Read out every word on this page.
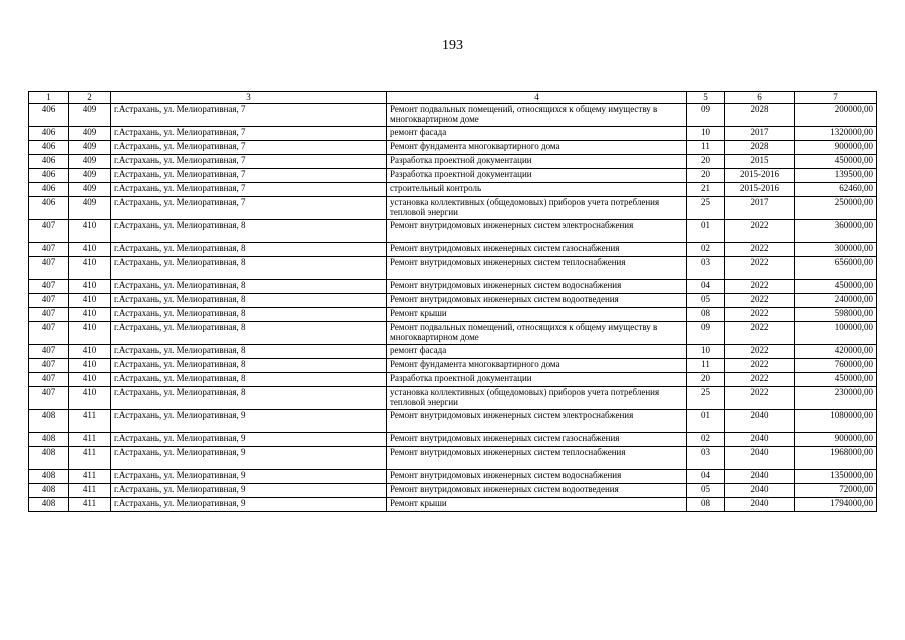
193
1	2	3	4	5	6	7
406	409	г.Астрахань, ул. Мелиоративная, 7	Ремонт подвальных помещений, относящихся к общему имуществу в многоквартирном доме	09	2028	200000,00
406	409	г.Астрахань, ул. Мелиоративная, 7	ремонт фасада	10	2017	1320000,00
406	409	г.Астрахань, ул. Мелиоративная, 7	Ремонт фундамента многоквартирного дома	11	2028	900000,00
406	409	г.Астрахань, ул. Мелиоративная, 7	Разработка проектной документации	20	2015	450000,00
406	409	г.Астрахань, ул. Мелиоративная, 7	Разработка проектной документации	20	2015-2016	139500,00
406	409	г.Астрахань, ул. Мелиоративная, 7	строительный контроль	21	2015-2016	62460,00
406	409	г.Астрахань, ул. Мелиоративная, 7	установка коллективных (общедомовых) приборов учета потребления тепловой энергии	25	2017	250000,00
407	410	г.Астрахань, ул. Мелиоративная, 8	Ремонт внутридомовых инженерных систем электроснабжения	01	2022	360000,00
407	410	г.Астрахань, ул. Мелиоративная, 8	Ремонт внутридомовых инженерных систем газоснабжения	02	2022	300000,00
407	410	г.Астрахань, ул. Мелиоративная, 8	Ремонт внутридомовых инженерных систем теплоснабжения	03	2022	656000,00
407	410	г.Астрахань, ул. Мелиоративная, 8	Ремонт внутридомовых инженерных систем водоснабжения	04	2022	450000,00
407	410	г.Астрахань, ул. Мелиоративная, 8	Ремонт внутридомовых инженерных систем водоотведения	05	2022	240000,00
407	410	г.Астрахань, ул. Мелиоративная, 8	Ремонт крыши	08	2022	598000,00
407	410	г.Астрахань, ул. Мелиоративная, 8	Ремонт подвальных помещений, относящихся к общему имуществу в многоквартирном доме	09	2022	100000,00
407	410	г.Астрахань, ул. Мелиоративная, 8	ремонт фасада	10	2022	420000,00
407	410	г.Астрахань, ул. Мелиоративная, 8	Ремонт фундамента многоквартирного дома	11	2022	760000,00
407	410	г.Астрахань, ул. Мелиоративная, 8	Разработка проектной документации	20	2022	450000,00
407	410	г.Астрахань, ул. Мелиоративная, 8	установка коллективных (общедомовых) приборов учета потребления тепловой энергии	25	2022	230000,00
408	411	г.Астрахань, ул. Мелиоративная, 9	Ремонт внутридомовых инженерных систем электроснабжения	01	2040	1080000,00
408	411	г.Астрахань, ул. Мелиоративная, 9	Ремонт внутридомовых инженерных систем газоснабжения	02	2040	900000,00
408	411	г.Астрахань, ул. Мелиоративная, 9	Ремонт внутридомовых инженерных систем теплоснабжения	03	2040	1968000,00
408	411	г.Астрахань, ул. Мелиоративная, 9	Ремонт внутридомовых инженерных систем водоснабжения	04	2040	1350000,00
408	411	г.Астрахань, ул. Мелиоративная, 9	Ремонт внутридомовых инженерных систем водоотведения	05	2040	72000,00
408	411	г.Астрахань, ул. Мелиоративная, 9	Ремонт крыши	08	2040	1794000,00
